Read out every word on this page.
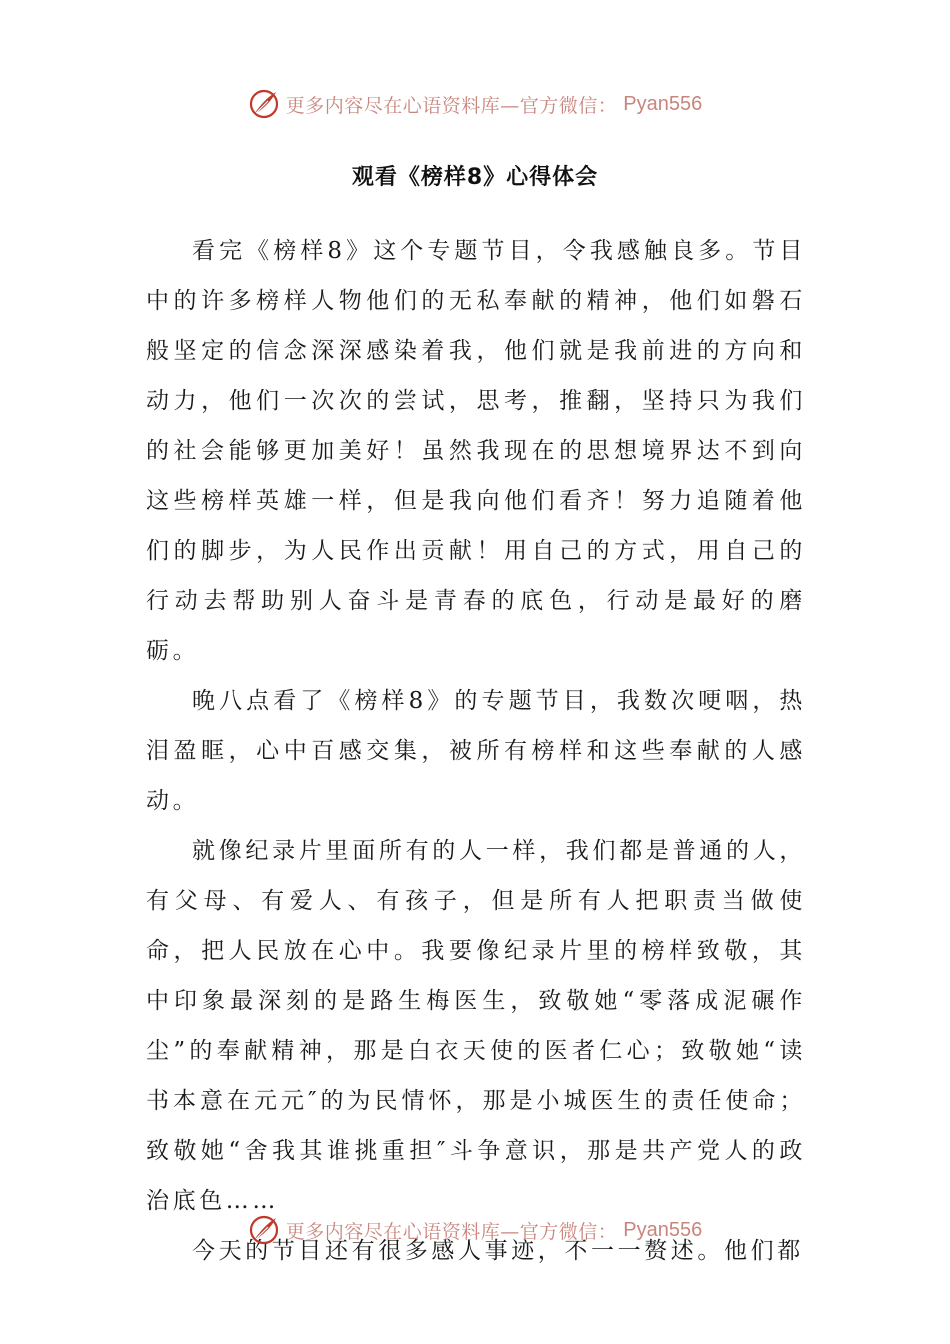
更多内容尽在心语资料库—官方微信： Pyan556
观看《榜样8》心得体会

看完《榜样8》这个专题节目，令我感触良多。节目中的许多榜样人物他们的无私奉献的精神，他们如磐石般坚定的信念深深感染着我，他们就是我前进的方向和动力，他们一次次的尝试，思考，推翻，坚持只为我们的社会能够更加美好！虽然我现在的思想境界达不到向这些榜样英雄一样，但是我向他们看齐！努力追随着他们的脚步，为人民作出贡献！用自己的方式，用自己的行动去帮助别人奋斗是青春的底色，行动是最好的磨砺。

晚八点看了《榜样8》的专题节目，我数次哽咽，热泪盈眶，心中百感交集，被所有榜样和这些奉献的人感动。

就像纪录片里面所有的人一样，我们都是普通的人，有父母、有爱人、有孩子，但是所有人把职责当做使命，把人民放在心中。我要像纪录片里的榜样致敬，其中印象最深刻的是路生梅医生，致敬她“零落成泥碾作尘”的奉献精神，那是白衣天使的医者仁心；致敬她“读书本意在元元″的为民情怀，那是小城医生的责任使命；致敬她“舍我其谁挑重担″斗争意识，那是共产党人的政治底色……

今天的节目还有很多感人事迹，不一一赘述。他们都

更多内容尽在心语资料库—官方微信： Pyan556
